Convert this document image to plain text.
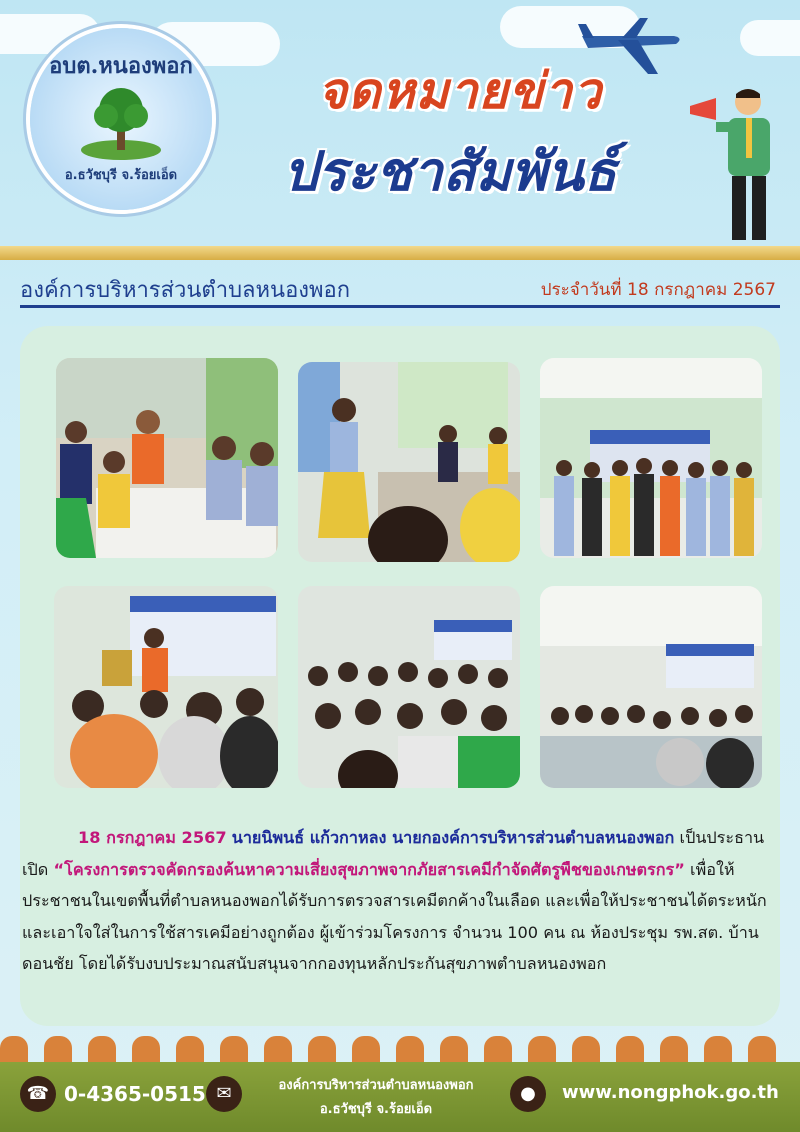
อบต.หนองพอก
อ.ธวัชบุรี จ.ร้อยเอ็ด
จดหมายข่าว
ประชาสัมพันธ์
องค์การบริหารส่วนตำบลหนองพอก	ประจำวันที่ 18 กรกฎาคม 2567
18 กรกฎาคม 2567 นายนิพนธ์ แก้วกาหลง นายกองค์การบริหารส่วนตำบลหนองพอก เป็นประธานเปิด “โครงการตรวจคัดกรองค้นหาความเสี่ยงสุขภาพจากภัยสารเคมีกำจัดศัตรูพืชของเกษตรกร” เพื่อให้ประชาชนในเขตพื้นที่ตำบลหนองพอกได้รับการตรวจสารเคมีตกค้างในเลือด และเพื่อให้ประชาชนได้ตระหนักและเอาใจใส่ในการใช้สารเคมีอย่างถูกต้อง ผู้เข้าร่วมโครงการ จำนวน 100 คน ณ ห้องประชุม รพ.สต. บ้านดอนชัย โดยได้รับงบประมาณสนับสนุนจากกองทุนหลักประกันสุขภาพตำบลหนองพอก
☎ 0-4365-0515 ✉	องค์การบริหารส่วนตำบลหนองพอก
อ.ธวัชบุรี จ.ร้อยเอ็ด
●	www.nongphok.go.th
